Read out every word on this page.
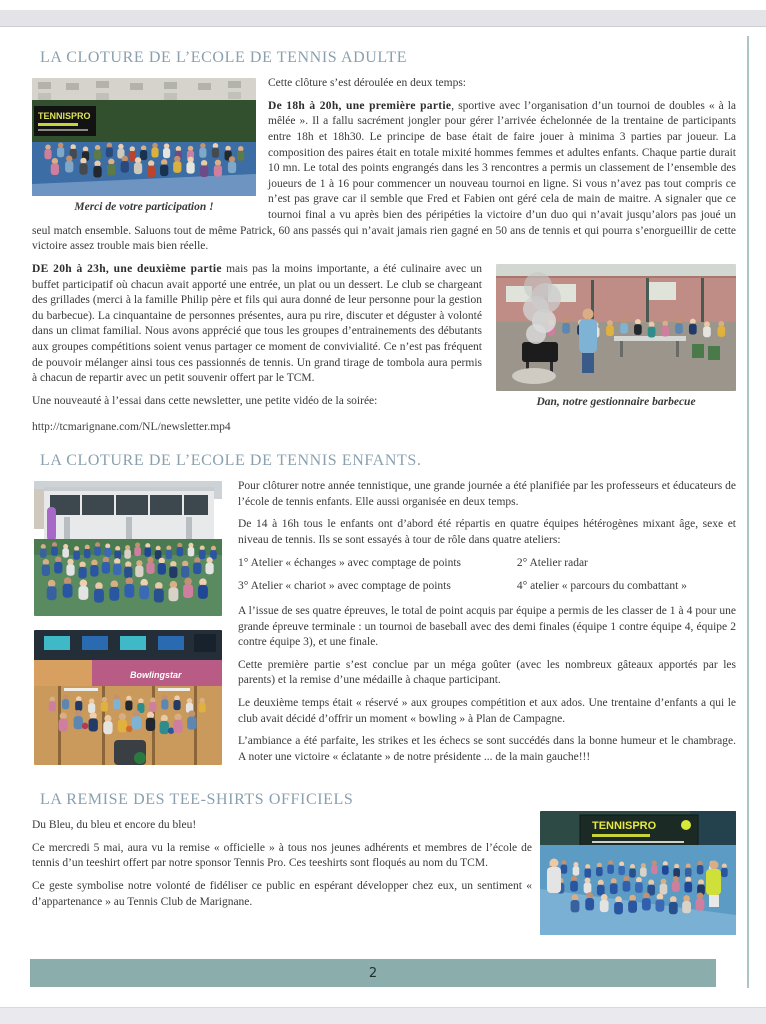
LA CLOTURE DE L’ECOLE DE TENNIS ADULTE
TENNISPRO
Merci de votre participation !

Cette clôture s’est déroulée en deux temps:

De 18h à 20h, une première partie, sportive avec l’organisation d’un tournoi de doubles « à la mêlée ». Il a fallu sacrément jongler pour gérer l’arrivée échelonnée de la trentaine de participants entre 18h et 18h30. Le principe de base était de faire jouer à minima 3 parties par joueur. La composition des paires était en totale mixité hommes femmes et adultes enfants. Chaque partie durait 10 mn. Le total des points engrangés dans les 3 rencontres a permis un classement de l’ensemble des joueurs de 1 à 16 pour commencer un nouveau tournoi en ligne. Si vous n’avez pas tout compris ce n’est pas grave car il semble que Fred et Fabien ont géré cela de main de maitre. A signaler que ce tournoi final a vu après bien des péripéties la victoire d’un duo qui n’avait jusqu’alors pas joué un seul match ensemble. Saluons tout de même Patrick, 60 ans passés qui n’avait jamais rien gagné en 50 ans de tennis et qui pourra s’enorgueillir de cette victoire assez trouble mais bien réelle.

Dan, notre gestionnaire barbecue

DE 20h à 23h, une deuxième partie mais pas la moins importante, a été culinaire avec un buffet participatif où chacun avait apporté une entrée, un plat ou un dessert. Le club se chargeant des grillades (merci à la famille Philip père et fils qui aura donné de leur personne pour la gestion du barbecue). La cinquantaine de personnes présentes, aura pu rire, discuter et déguster à volonté dans un climat familial. Nous avons apprécié que tous les groupes d’entrainements des débutants aux groupes compétitions soient venus partager ce moment de convivialité. Ce n’est pas fréquent de pouvoir mélanger ainsi tous ces passionnés de tennis. Un grand tirage de tombola aura permis à chacun de repartir avec un petit souvenir offert par le TCM.

Une nouveauté à l’essai dans cette newsletter, une petite vidéo de la soirée:

http://tcmarignane.com/NL/newsletter.mp4

LA CLOTURE DE L’ECOLE DE TENNIS ENFANTS.
Bowlingstar

Pour clôturer notre année tennistique, une grande journée a été planifiée par les professeurs et éducateurs de l’école de tennis enfants. Elle aussi organisée en deux temps.

De 14 à 16h tous le enfants ont d’abord été répartis en quatre équipes hétérogènes mixant âge, sexe et niveau de tennis. Ils se sont essayés à tour de rôle dans quatre ateliers:

1° Atelier « échanges » avec comptage de points	2° Atelier radar
3° Atelier « chariot » avec comptage de points	4° atelier « parcours du combattant »

A l’issue de ses quatre épreuves, le total de point acquis par équipe a permis de les classer de 1 à 4 pour une grande épreuve terminale : un tournoi de baseball avec des demi finales (équipe 1 contre équipe 4, équipe 2 contre équipe 3), et une finale.

Cette première partie s’est conclue par un méga goûter (avec les nombreux gâteaux apportés par les parents) et la remise d’une médaille à chaque participant.

Le deuxième temps était « réservé » aux groupes compétition et aux ados. Une trentaine d’enfants a qui le club avait décidé d’offrir un moment « bowling » à Plan de Campagne.

L’ambiance a été parfaite, les strikes et les échecs se sont succédés dans la bonne humeur et le chambrage. A noter une victoire « éclatante » de notre présidente ... de la main gauche!!!

LA REMISE DES TEE-SHIRTS OFFICIELS
TENNISPRO

Du Bleu, du bleu et encore du bleu!

Ce mercredi 5 mai, aura vu la remise « officielle » à tous nos jeunes adhérents et membres de l’école de tennis d’un teeshirt offert par notre sponsor Tennis Pro. Ces teeshirts sont floqués au nom du TCM.

Ce geste symbolise notre volonté de fidéliser ce public en espérant développer chez eux, un sentiment « d’appartenance » au Tennis Club de Marignane.

2
